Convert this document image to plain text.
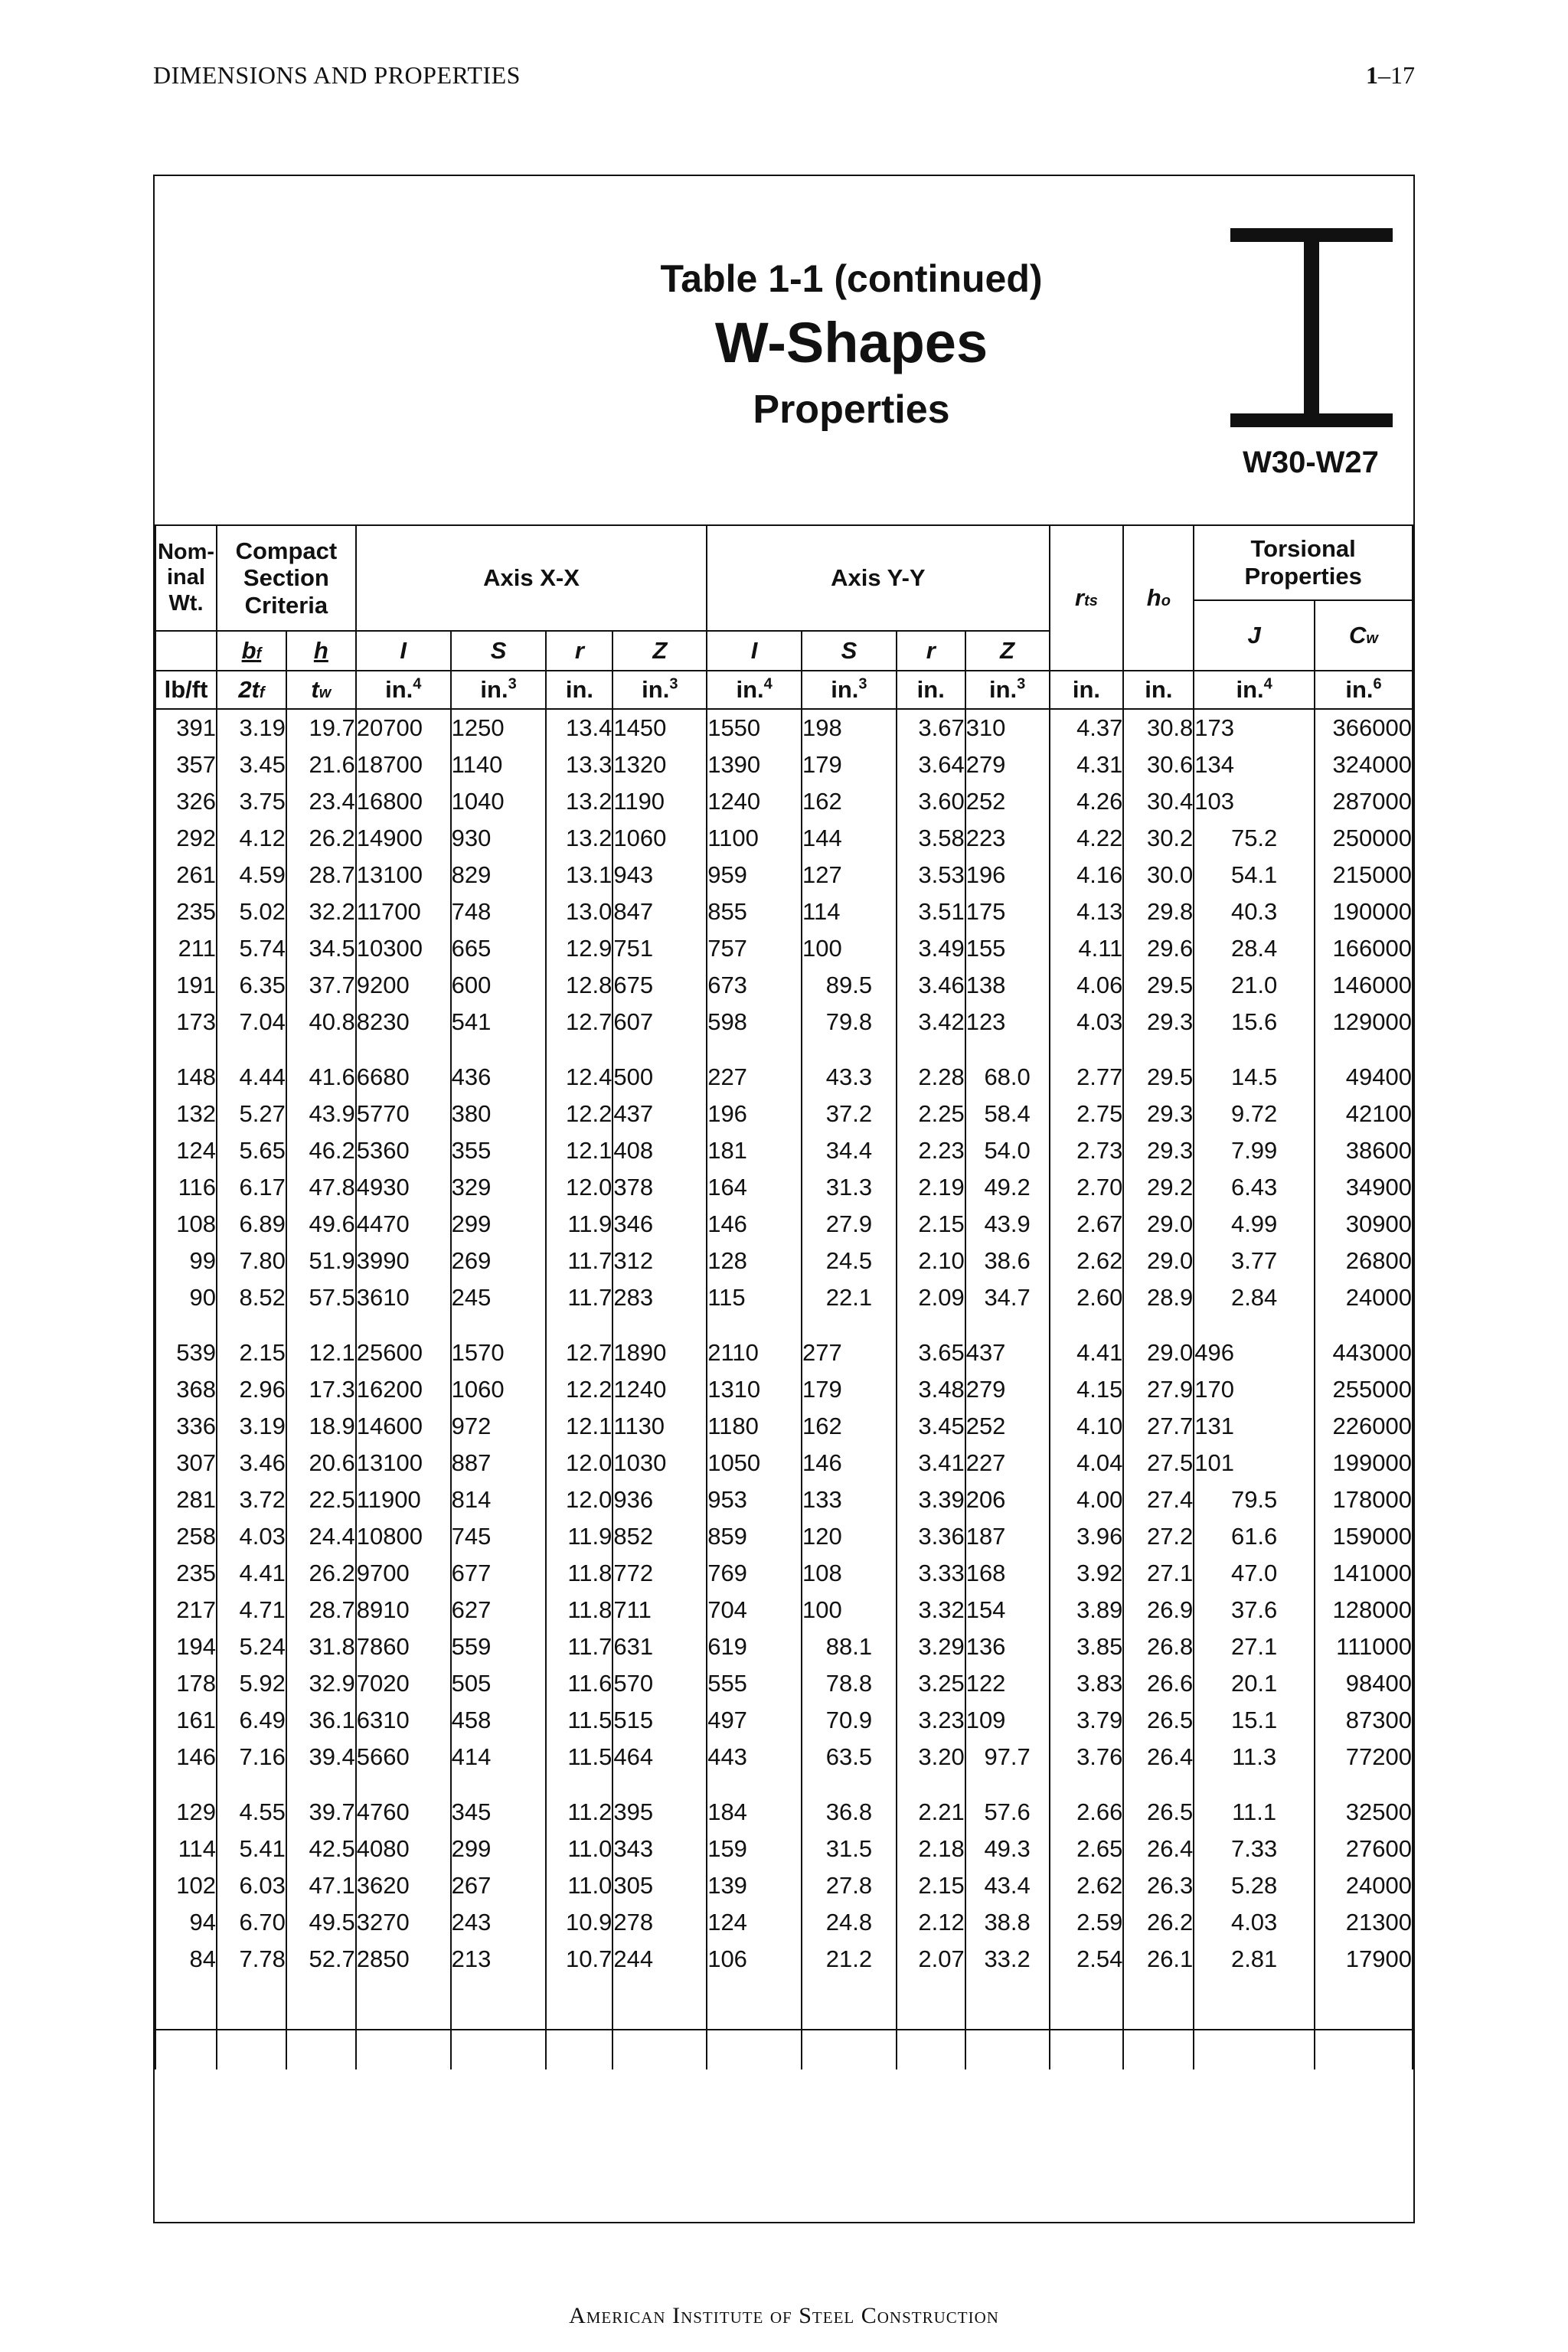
DIMENSIONS AND PROPERTIES	1–17
Table 1-1 (continued)
W-Shapes
Properties
W30-W27
Nom-inal Wt.	Compact Section Criteria		Axis X-X				Axis Y-Y				rts	ho	Torsional Properties	
													J	Cw
	bf	h	I	S	r	Z	I	S	r	Z				
lb/ft	2tf	tw	in.$^4$	in.$^3$	in.	in.$^3$	in.$^4$	in.$^3$	in.	in.$^3$	in.	in.	in.$^4$	in.$^6$
391	3.19	19.7	20700	1250	13.4	1450	1550	198	3.67	310	4.37	30.8	173	366000
357	3.45	21.6	18700	1140	13.3	1320	1390	179	3.64	279	4.31	30.6	134	324000
326	3.75	23.4	16800	1040	13.2	1190	1240	162	3.60	252	4.26	30.4	103	287000
292	4.12	26.2	14900	930	13.2	1060	1100	144	3.58	223	4.22	30.2	75.2	250000
261	4.59	28.7	13100	829	13.1	943	959	127	3.53	196	4.16	30.0	54.1	215000
235	5.02	32.2	11700	748	13.0	847	855	114	3.51	175	4.13	29.8	40.3	190000
211	5.74	34.5	10300	665	12.9	751	757	100	3.49	155	4.11	29.6	28.4	166000
191	6.35	37.7	9200	600	12.8	675	673	89.5	3.46	138	4.06	29.5	21.0	146000
173	7.04	40.8	8230	541	12.7	607	598	79.8	3.42	123	4.03	29.3	15.6	129000
148	4.44	41.6	6680	436	12.4	500	227	43.3	2.28	68.0	2.77	29.5	14.5	49400
132	5.27	43.9	5770	380	12.2	437	196	37.2	2.25	58.4	2.75	29.3	9.72	42100
124	5.65	46.2	5360	355	12.1	408	181	34.4	2.23	54.0	2.73	29.3	7.99	38600
116	6.17	47.8	4930	329	12.0	378	164	31.3	2.19	49.2	2.70	29.2	6.43	34900
108	6.89	49.6	4470	299	11.9	346	146	27.9	2.15	43.9	2.67	29.0	4.99	30900
99	7.80	51.9	3990	269	11.7	312	128	24.5	2.10	38.6	2.62	29.0	3.77	26800
90	8.52	57.5	3610	245	11.7	283	115	22.1	2.09	34.7	2.60	28.9	2.84	24000
539	2.15	12.1	25600	1570	12.7	1890	2110	277	3.65	437	4.41	29.0	496	443000
368	2.96	17.3	16200	1060	12.2	1240	1310	179	3.48	279	4.15	27.9	170	255000
336	3.19	18.9	14600	972	12.1	1130	1180	162	3.45	252	4.10	27.7	131	226000
307	3.46	20.6	13100	887	12.0	1030	1050	146	3.41	227	4.04	27.5	101	199000
281	3.72	22.5	11900	814	12.0	936	953	133	3.39	206	4.00	27.4	79.5	178000
258	4.03	24.4	10800	745	11.9	852	859	120	3.36	187	3.96	27.2	61.6	159000
235	4.41	26.2	9700	677	11.8	772	769	108	3.33	168	3.92	27.1	47.0	141000
217	4.71	28.7	8910	627	11.8	711	704	100	3.32	154	3.89	26.9	37.6	128000
194	5.24	31.8	7860	559	11.7	631	619	88.1	3.29	136	3.85	26.8	27.1	111000
178	5.92	32.9	7020	505	11.6	570	555	78.8	3.25	122	3.83	26.6	20.1	98400
161	6.49	36.1	6310	458	11.5	515	497	70.9	3.23	109	3.79	26.5	15.1	87300
146	7.16	39.4	5660	414	11.5	464	443	63.5	3.20	97.7	3.76	26.4	11.3	77200
129	4.55	39.7	4760	345	11.2	395	184	36.8	2.21	57.6	2.66	26.5	11.1	32500
114	5.41	42.5	4080	299	11.0	343	159	31.5	2.18	49.3	2.65	26.4	7.33	27600
102	6.03	47.1	3620	267	11.0	305	139	27.8	2.15	43.4	2.62	26.3	5.28	24000
94	6.70	49.5	3270	243	10.9	278	124	24.8	2.12	38.8	2.59	26.2	4.03	21300
84	7.78	52.7	2850	213	10.7	244	106	21.2	2.07	33.2	2.54	26.1	2.81	17900

American Institute of Steel Construction
